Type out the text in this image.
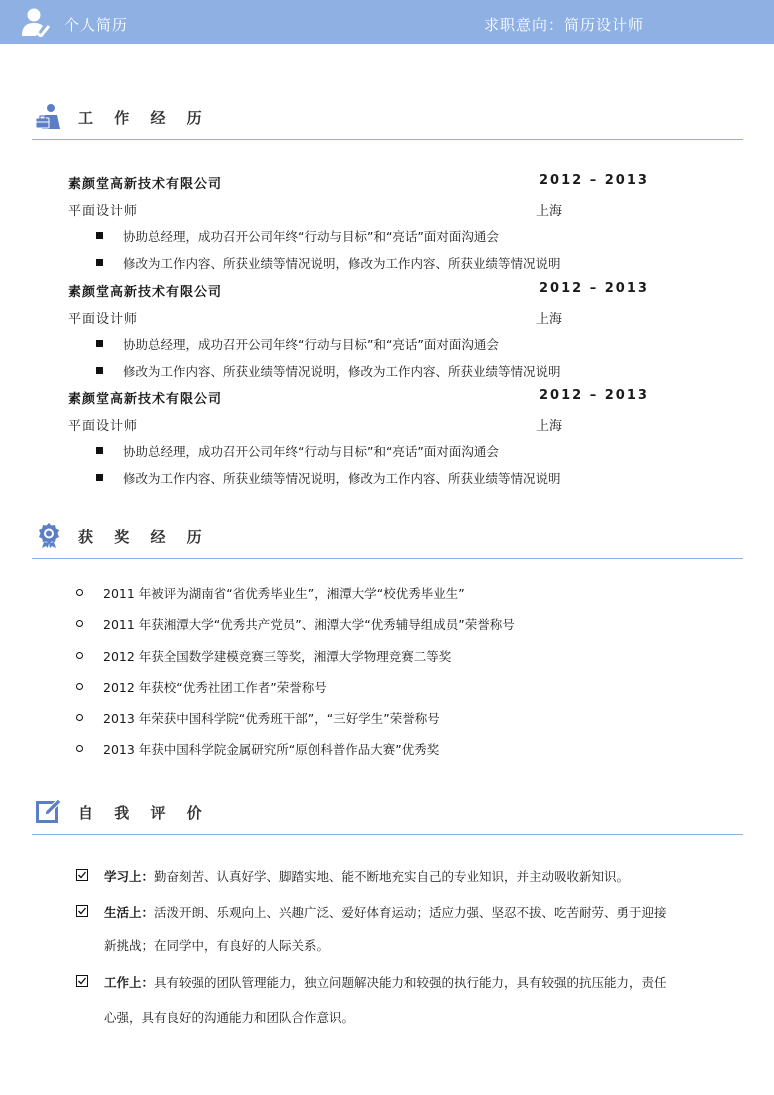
个人简历	求职意向：简历设计师
工 作 经 历
素颜堂高新技术有限公司	2012 – 2013
平面设计师	上海
协助总经理，成功召开公司年终“行动与目标”和“亮话”面对面沟通会
修改为工作内容、所获业绩等情况说明，修改为工作内容、所获业绩等情况说明
素颜堂高新技术有限公司	2012 – 2013
平面设计师	上海
协助总经理，成功召开公司年终“行动与目标”和“亮话”面对面沟通会
修改为工作内容、所获业绩等情况说明，修改为工作内容、所获业绩等情况说明
素颜堂高新技术有限公司	2012 – 2013
平面设计师	上海
协助总经理，成功召开公司年终“行动与目标”和“亮话”面对面沟通会
修改为工作内容、所获业绩等情况说明，修改为工作内容、所获业绩等情况说明
获 奖 经 历
2011 年被评为湖南省“省优秀毕业生”，湘潭大学“校优秀毕业生”
2011 年获湘潭大学“优秀共产党员”、湘潭大学“优秀辅导组成员”荣誉称号
2012 年获全国数学建模竞赛三等奖，湘潭大学物理竞赛二等奖
2012 年获校“优秀社团工作者”荣誉称号
2013 年荣获中国科学院“优秀班干部”，“三好学生”荣誉称号
2013 年获中国科学院金属研究所“原创科普作品大赛”优秀奖
自 我 评 价
学习上：勤奋刻苦、认真好学、脚踏实地、能不断地充实自己的专业知识，并主动吸收新知识。
生活上：活泼开朗、乐观向上、兴趣广泛、爱好体育运动；适应力强、坚忍不拔、吃苦耐劳、勇于迎接
新挑战；在同学中，有良好的人际关系。
工作上：具有较强的团队管理能力，独立问题解决能力和较强的执行能力，具有较强的抗压能力，责任
心强，具有良好的沟通能力和团队合作意识。
